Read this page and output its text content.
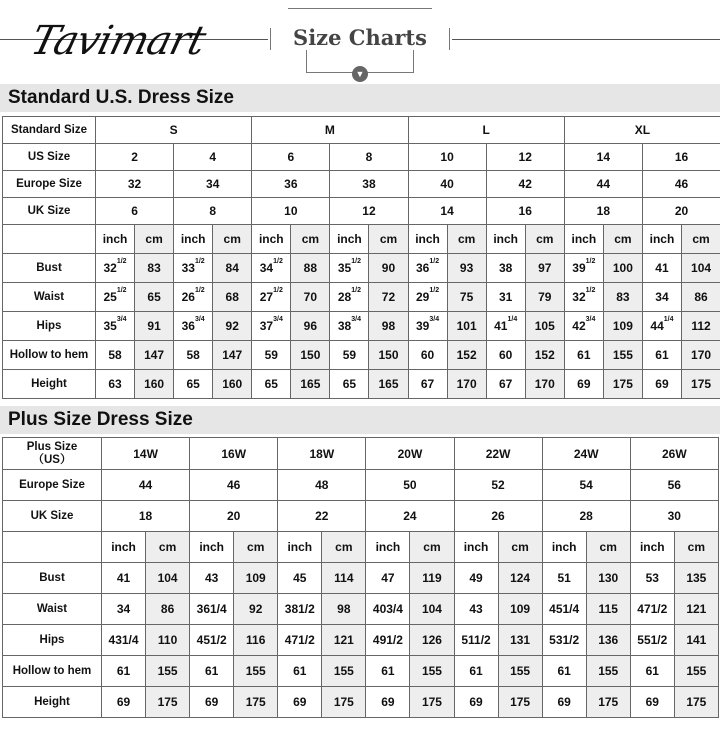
Tavimart	Size Charts
▼
Standard U.S. Dress Size
Standard Size	S				M				L				XL			
US Size	2		4		6		8		10		12		14		16	
Europe Size	32		34		36		38		40		42		44		46	
UK Size	6		8		10		12		14		16		18		20	
	inch	cm	inch	cm	inch	cm	inch	cm	inch	cm	inch	cm	inch	cm	inch	cm
Bust	$32^{1/2}$	83	$33^{1/2}$	84	$34^{1/2}$	88	$35^{1/2}$	90	$36^{1/2}$	93	38	97	$39^{1/2}$	100	41	104
Waist	$25^{1/2}$	65	$26^{1/2}$	68	$27^{1/2}$	70	$28^{1/2}$	72	$29^{1/2}$	75	31	79	$32^{1/2}$	83	34	86
Hips	$35^{3/4}$	91	$36^{3/4}$	92	$37^{3/4}$	96	$38^{3/4}$	98	$39^{3/4}$	101	$41^{1/4}$	105	$42^{3/4}$	109	$44^{1/4}$	112
Hollow to hem	58	147	58	147	59	150	59	150	60	152	60	152	61	155	61	170
Height	63	160	65	160	65	165	65	165	67	170	67	170	69	175	69	175
Plus Size Dress Size
Plus Size
（US）	14W		16W		18W		20W		22W		24W		26W	
Europe Size	44		46		48		50		52		54		56	
UK Size	18		20		22		24		26		28		30	
	inch	cm	inch	cm	inch	cm	inch	cm	inch	cm	inch	cm	inch	cm
Bust	41	104	43	109	45	114	47	119	49	124	51	130	53	135
Waist	34	86	361/4	92	381/2	98	403/4	104	43	109	451/4	115	471/2	121
Hips	431/4	110	451/2	116	471/2	121	491/2	126	511/2	131	531/2	136	551/2	141
Hollow to hem	61	155	61	155	61	155	61	155	61	155	61	155	61	155
Height	69	175	69	175	69	175	69	175	69	175	69	175	69	175
